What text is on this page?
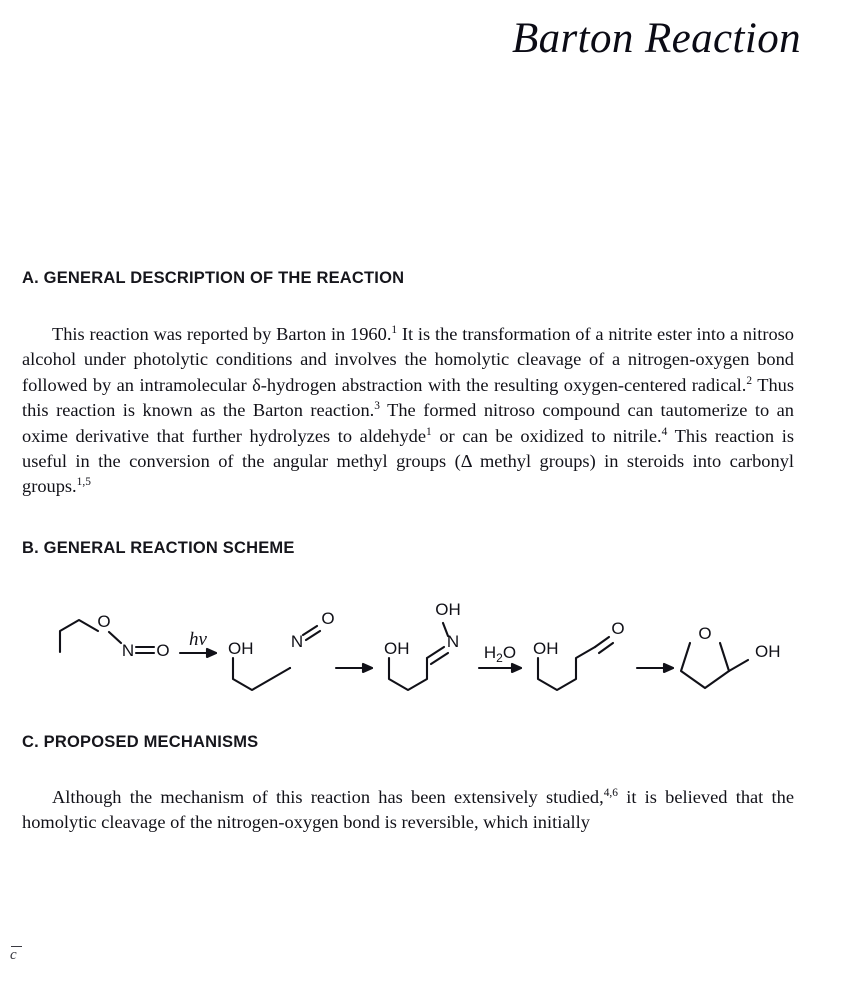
Barton Reaction
A. GENERAL DESCRIPTION OF THE REACTION
This reaction was reported by Barton in 1960.$^1$ It is the transformation of a nitrite ester into a nitroso alcohol under photolytic conditions and involves the homolytic cleavage of a nitrogen-oxygen bond followed by an intramolecular δ-hydrogen abstraction with the resulting oxygen-centered radical.$^2$ Thus this reaction is known as the Barton reaction.$^3$ The formed nitroso compound can tautomerize to an oxime derivative that further hydrolyzes to aldehyde$^1$ or can be oxidized to nitrile.$^4$ This reaction is useful in the conversion of the angular methyl groups (Δ methyl groups) in steroids into carbonyl groups.$^{1,5}$
B. GENERAL REACTION SCHEME
O
N O	OH N
O
OH N
OH
OH
O	O
OH
hν
$H_2O$
C. PROPOSED MECHANISMS
Although the mechanism of this reaction has been extensively studied,$^{4,6}$ it is believed that the homolytic cleavage of the nitrogen-oxygen bond is reversible, which initially
c
